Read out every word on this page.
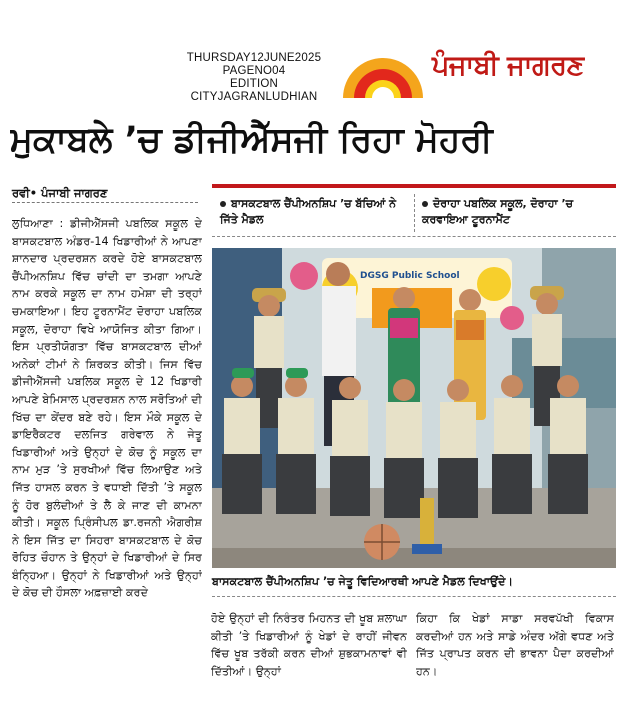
THURSDAY12JUNE2025
PAGENO04
EDITION
CITYJAGRANLUDHIAN
ਪੰਜਾਬੀ ਜਾਗਰਣ
ਮੁਕਾਬਲੇ ’ਚ ਡੀਜੀਐੱਸਜੀ ਰਿਹਾ ਮੋਹਰੀ
ਰਵੀ• ਪੰਜਾਬੀ ਜਾਗਰਣ
ਲੁਧਿਆਣਾ : ਡੀਜੀਐੱਸਜੀ ਪਬਲਿਕ ਸਕੂਲ ਦੇ ਬਾਸਕਟਬਾਲ ਅੰਡਰ-14 ਖਿਡਾਰੀਆਂ ਨੇ ਆਪਣਾ ਸ਼ਾਨਦਾਰ ਪ੍ਰਦਰਸ਼ਨ ਕਰਦੇ ਹੋਏ ਬਾਸਕਟਬਾਲ ਚੈਂਪੀਅਨਸ਼ਿਪ ਵਿੱਚ ਚਾਂਦੀ ਦਾ ਤਮਗਾ ਆਪਣੇ ਨਾਮ ਕਰਕੇ ਸਕੂਲ ਦਾ ਨਾਮ ਹਮੇਸ਼ਾ ਦੀ ਤਰ੍ਹਾਂ ਚਮਕਾਇਆ। ਇਹ ਟੂਰਨਾਮੈਂਟ ਦੋਰਾਹਾ ਪਬਲਿਕ ਸਕੂਲ, ਦੋਰਾਹਾ ਵਿਖੇ ਆਯੋਜਿਤ ਕੀਤਾ ਗਿਆ। ਇਸ ਪ੍ਰਤੀਯੋਗਤਾ ਵਿੱਚ ਬਾਸਕਟਬਾਲ ਦੀਆਂ ਅਨੇਕਾਂ ਟੀਮਾਂ ਨੇ ਸ਼ਿਰਕਤ ਕੀਤੀ। ਜਿਸ ਵਿੱਚ ਡੀਜੀਐੱਸਜੀ ਪਬਲਿਕ ਸਕੂਲ ਦੇ 12 ਖਿਡਾਰੀ ਆਪਣੇ ਬੇਮਿਸਾਲ ਪ੍ਰਦਰਸ਼ਨ ਨਾਲ ਸਰੋਤਿਆਂ ਦੀ ਖਿੱਚ ਦਾ ਕੇਂਦਰ ਬਣੇ ਰਹੇ। ਇਸ ਮੌਕੇ ਸਕੂਲ ਦੇ ਡਾਇਰੈਕਟਰ ਦਲਜਿਤ ਗਰੇਵਾਲ ਨੇ ਜੇਤੂ ਖਿਡਾਰੀਆਂ ਅਤੇ ਉਨ੍ਹਾਂ ਦੇ ਕੋਚ ਨੂੰ ਸਕੂਲ ਦਾ ਨਾਮ ਮੁੜ ’ਤੇ ਸੁਰਖੀਆਂ ਵਿੱਚ ਲਿਆਉਣ ਅਤੇ ਜਿੱਤ ਹਾਸਲ ਕਰਨ ਤੇ ਵਧਾਈ ਦਿੱਤੀ ’ਤੇ ਸਕੂਲ ਨੂੰ ਹੋਰ ਬੁਲੰਦੀਆਂ ਤੇ ਲੈ ਕੇ ਜਾਣ ਦੀ ਕਾਮਨਾ ਕੀਤੀ। ਸਕੂਲ ਪ੍ਰਿੰਸੀਪਲ ਡਾ.ਰਜਨੀ ਐਗਰੀਸ਼ ਨੇ ਇਸ ਜਿੱਤ ਦਾ ਸਿਹਰਾ ਬਾਸਕਟਬਾਲ ਦੇ ਕੋਚ ਰੋਹਿਤ ਚੌਹਾਨ ਤੇ ਉਨ੍ਹਾਂ ਦੇ ਖਿਡਾਰੀਆਂ ਦੇ ਸਿਰ ਬੰਨ੍ਹਿਆ। ਉਨ੍ਹਾਂ ਨੇ ਖਿਡਾਰੀਆਂ ਅਤੇ ਉਨ੍ਹਾਂ ਦੇ ਕੋਚ ਦੀ ਹੌਸਲਾ ਅਫ਼ਜ਼ਾਈ ਕਰਦੇ
ਬਾਸਕਟਬਾਲ ਚੈਂਪੀਅਨਸ਼ਿਪ ’ਚ ਬੱਚਿਆਂ ਨੇ ਜਿੱਤੇ ਮੈਡਲ
ਦੋਰਾਹਾ ਪਬਲਿਕ ਸਕੂਲ, ਦੋਰਾਹਾ ’ਚ ਕਰਵਾਇਆ ਟੂਰਨਾਮੈਂਟ
DGSG Public School
ਬਾਸਕਟਬਾਲ ਚੈਂਪੀਅਨਸ਼ਿਪ ’ਚ ਜੇਤੂ ਵਿਦਿਆਰਥੀ ਆਪਣੇ ਮੈਡਲ ਦਿਖਾਉਂਦੇ।
ਹੋਏ ਉਨ੍ਹਾਂ ਦੀ ਨਿਰੰਤਰ ਮਿਹਨਤ ਦੀ ਖੂਬ ਸ਼ਲਾਘਾ ਕੀਤੀ ’ਤੇ ਖਿਡਾਰੀਆਂ ਨੂੰ ਖੇਡਾਂ ਦੇ ਰਾਹੀਂ ਜੀਵਨ ਵਿੱਚ ਖੂਬ ਤਰੱਕੀ ਕਰਨ ਦੀਆਂ ਸ਼ੁਭਕਾਮਨਾਵਾਂ ਵੀ ਦਿੱਤੀਆਂ। ਉਨ੍ਹਾਂ
ਕਿਹਾ ਕਿ ਖੇਡਾਂ ਸਾਡਾ ਸਰਵਪੱਖੀ ਵਿਕਾਸ ਕਰਦੀਆਂ ਹਨ ਅਤੇ ਸਾਡੇ ਅੰਦਰ ਅੱਗੇ ਵਧਣ ਅਤੇ ਜਿੱਤ ਪ੍ਰਾਪਤ ਕਰਨ ਦੀ ਭਾਵਨਾ ਪੈਦਾ ਕਰਦੀਆਂ ਹਨ।
